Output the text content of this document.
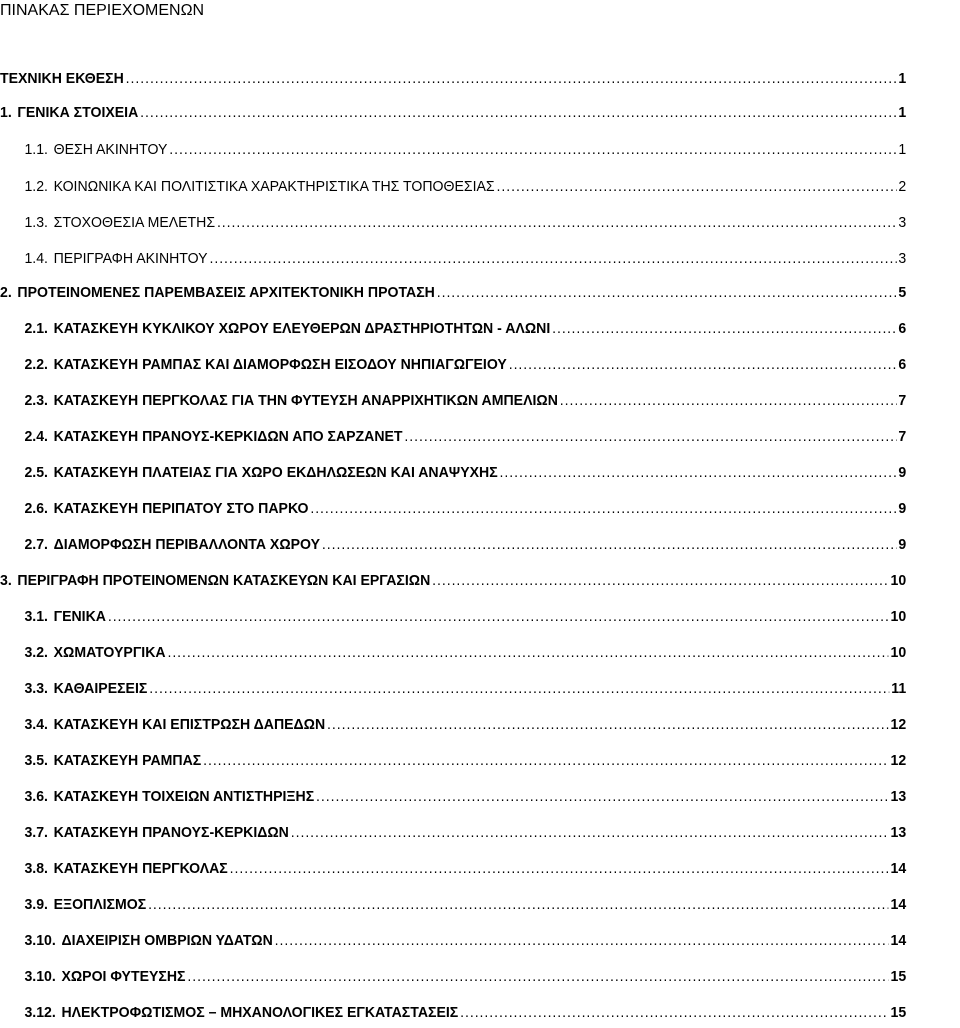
ΠΙΝΑΚΑΣ ΠΕΡΙΕΧΟΜΕΝΩΝ
ΤΕΧΝΙΚΗ ΕΚΘΕΣΗ .....	1
1. ΓΕΝΙΚΑ ΣΤΟΙΧΕΙΑ .....	1
1.1. ΘΕΣΗ ΑΚΙΝΗΤΟΥ .....	1
1.2. ΚΟΙΝΩΝΙΚΑ ΚΑΙ ΠΟΛΙΤΙΣΤΙΚΑ ΧΑΡΑΚΤΗΡΙΣΤΙΚΑ ΤΗΣ ΤΟΠΟΘΕΣΙΑΣ .....	2
1.3. ΣΤΟΧΟΘΕΣΙΑ ΜΕΛΕΤΗΣ .....	3
1.4. ΠΕΡΙΓΡΑΦΗ ΑΚΙΝΗΤΟΥ .....	3
2. ΠΡΟΤΕΙΝΟΜΕΝΕΣ ΠΑΡΕΜΒΑΣΕΙΣ ΑΡΧΙΤΕΚΤΟΝΙΚΗ ΠΡΟΤΑΣΗ .....	5
2.1. ΚΑΤΑΣΚΕΥΗ ΚΥΚΛΙΚΟΥ ΧΩΡΟΥ ΕΛΕΥΘΕΡΩΝ ΔΡΑΣΤΗΡΙΟΤΗΤΩΝ - ΑΛΩΝΙ .....	6
2.2. ΚΑΤΑΣΚΕΥΗ ΡΑΜΠΑΣ ΚΑΙ ΔΙΑΜΟΡΦΩΣΗ ΕΙΣΟΔΟΥ ΝΗΠΙΑΓΩΓΕΙΟΥ .....	6
2.3. ΚΑΤΑΣΚΕΥΗ ΠΕΡΓΚΟΛΑΣ ΓΙΑ ΤΗΝ ΦΥΤΕΥΣΗ ΑΝΑΡΡΙΧΗΤΙΚΩΝ ΑΜΠΕΛΙΩΝ .....	7
2.4. ΚΑΤΑΣΚΕΥΗ ΠΡΑΝΟΥΣ-ΚΕΡΚΙΔΩΝ ΑΠΟ ΣΑΡΖΑΝΕΤ .....	7
2.5. ΚΑΤΑΣΚΕΥΗ ΠΛΑΤΕΙΑΣ ΓΙΑ ΧΩΡΟ ΕΚΔΗΛΩΣΕΩΝ ΚΑΙ ΑΝΑΨΥΧΗΣ .....	9
2.6. ΚΑΤΑΣΚΕΥΗ ΠΕΡΙΠΑΤΟΥ ΣΤΟ ΠΑΡΚΟ .....	9
2.7. ΔΙΑΜΟΡΦΩΣΗ ΠΕΡΙΒΑΛΛΟΝΤΑ ΧΩΡΟΥ .....	9
3. ΠΕΡΙΓΡΑΦΗ ΠΡΟΤΕΙΝΟΜΕΝΩΝ ΚΑΤΑΣΚΕΥΩΝ ΚΑΙ ΕΡΓΑΣΙΩΝ .....	10
3.1. ΓΕΝΙΚΑ .....	10
3.2. ΧΩΜΑΤΟΥΡΓΙΚΑ .....	10
3.3. ΚΑΘΑΙΡΕΣΕΙΣ .....	11
3.4. ΚΑΤΑΣΚΕΥΗ ΚΑΙ ΕΠΙΣΤΡΩΣΗ ΔΑΠΕΔΩΝ .....	12
3.5. ΚΑΤΑΣΚΕΥΗ ΡΑΜΠΑΣ .....	12
3.6. ΚΑΤΑΣΚΕΥΗ ΤΟΙΧΕΙΩΝ ΑΝΤΙΣΤΗΡΙΞΗΣ .....	13
3.7. ΚΑΤΑΣΚΕΥΗ ΠΡΑΝΟΥΣ-ΚΕΡΚΙΔΩΝ .....	13
3.8. ΚΑΤΑΣΚΕΥΗ ΠΕΡΓΚΟΛΑΣ .....	14
3.9. ΕΞΟΠΛΙΣΜΟΣ .....	14
3.10. ΔΙΑΧΕΙΡΙΣΗ ΟΜΒΡΙΩΝ ΥΔΑΤΩΝ .....	14
3.10. ΧΩΡΟΙ ΦΥΤΕΥΣΗΣ .....	15
3.12. ΗΛΕΚΤΡΟΦΩΤΙΣΜΟΣ – ΜΗΧΑΝΟΛΟΓΙΚΕΣ ΕΓΚΑΤΑΣΤΑΣΕΙΣ .....	15
